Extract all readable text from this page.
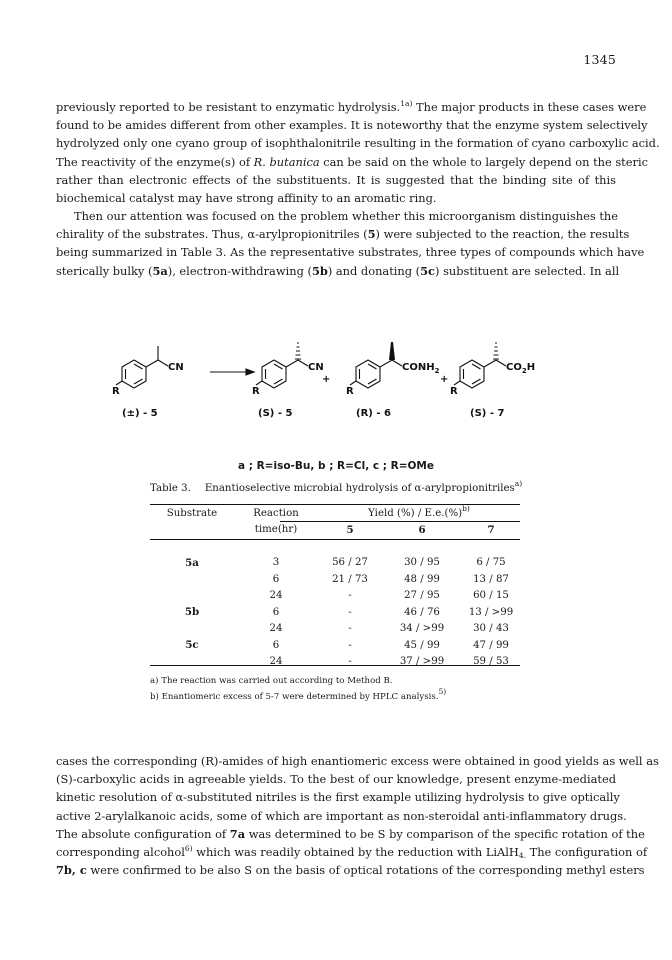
1345
previously reported to be resistant to enzymatic hydrolysis.$^{1a)}$ The major products in these cases were
found to be amides different from other examples. It is noteworthy that the enzyme system selectively
hydrolyzed only one cyano group of isophthalonitrile resulting in the formation of cyano carboxylic acid.
The reactivity of the enzyme(s) of R. butanica can be said on the whole to largely depend on the steric
rather than electronic effects of the substituents. It is suggested that the binding site of this
biochemical catalyst may have strong affinity to an aromatic ring.
Then our attention was focused on the problem whether this microorganism distinguishes the
chirality of the substrates. Thus, α-arylpropionitriles (5) were subjected to the reaction, the results
being summarized in Table 3. As the representative substrates, three types of compounds which have
sterically bulky (5a), electron-withdrawing (5b) and donating (5c) substituent are selected. In all
CN
R
CN
R
+
$CONH_2$
R
+
$CO_2H$
R
(±) - 5	(S) - 5	(R) - 6	(S) - 7
a ; R=iso-Bu, b ; R=Cl, c ; R=OMe
Table 3. Enantioselective microbial hydrolysis of α-arylpropionitriles$^{a)}$
Substrate	Reaction	Yield (%) / E.e.(%)$^{b)}$
	time(hr)	5	6	7

5a	3	56 / 27	30 / 95	6 / 75
	6	21 / 73	48 / 99	13 / 87
	24	-	27 / 95	60 / 15
5b	6	-	46 / 76	13 / >99
	24	-	34 / >99	30 / 43
5c	6	-	45 / 99	47 / 99
	24	-	37 / >99	59 / 53
a) The reaction was carried out according to Method B.
b) Enantiomeric excess of 5-7 were determined by HPLC analysis.$^{5)}$
cases the corresponding (R)-amides of high enantiomeric excess were obtained in good yields as well as
(S)-carboxylic acids in agreeable yields. To the best of our knowledge, present enzyme-mediated
kinetic resolution of α-substituted nitriles is the first example utilizing hydrolysis to give optically
active 2-arylalkanoic acids, some of which are important as non-steroidal anti-inflammatory drugs.
The absolute configuration of 7a was determined to be S by comparison of the specific rotation of the
corresponding alcohol$^{6)}$ which was readily obtained by the reduction with LiAlH$_{4.}$ The configuration of
7b, c were confirmed to be also S on the basis of optical rotations of the corresponding methyl esters
